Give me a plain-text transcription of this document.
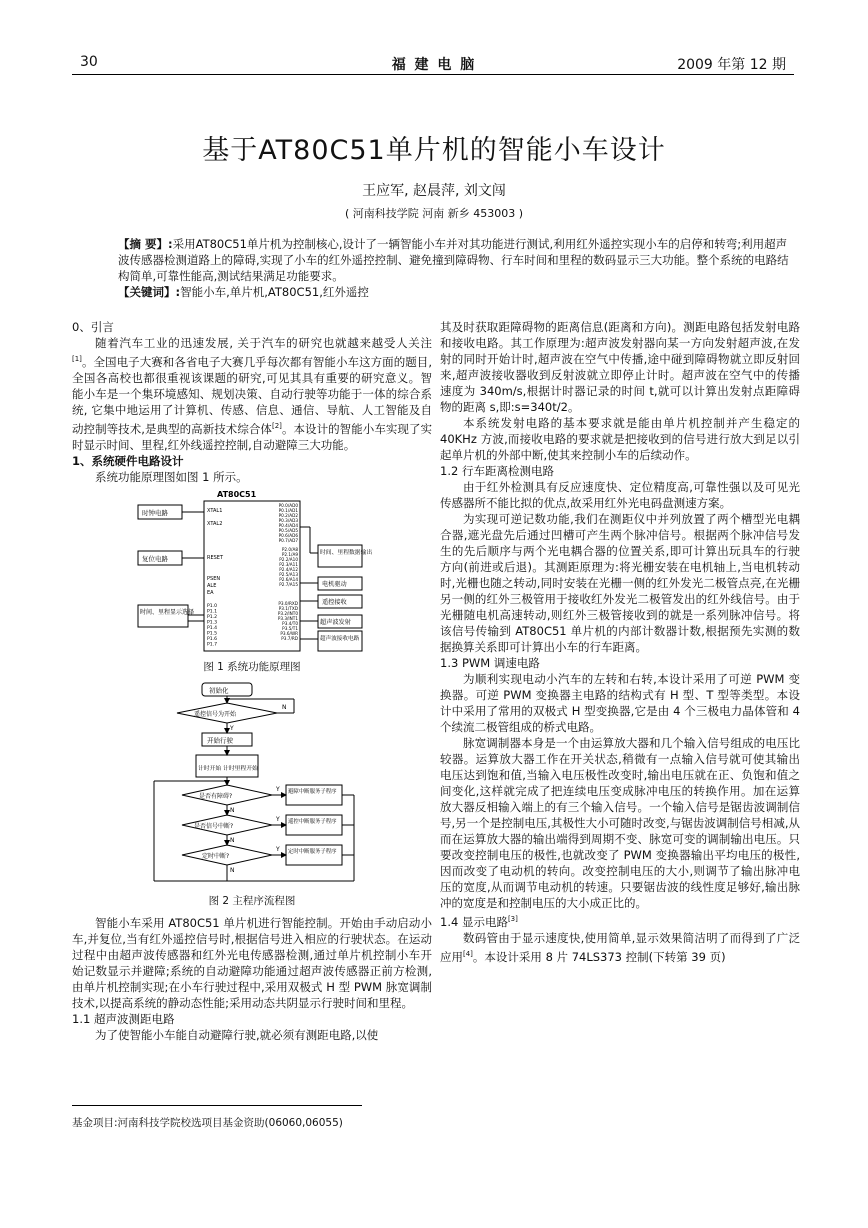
30	福 建 电 脑	2009 年第 12 期
基于AT80C51单片机的智能小车设计
王应军, 赵晨萍, 刘文闯
( 河南科技学院 河南 新乡 453003 )

【摘 要】:采用AT80C51单片机为控制核心,设计了一辆智能小车并对其功能进行测试,利用红外遥控实现小车的启停和转弯;利用超声波传感器检测道路上的障碍,实现了小车的红外遥控控制、避免撞到障碍物、行车时间和里程的数码显示三大功能。整个系统的电路结构简单,可靠性能高,测试结果满足功能要求。

【关键词】:智能小车,单片机,AT80C51,红外遥控

0、引言

随着汽车工业的迅速发展, 关于汽车的研究也就越来越受人关注[1]。全国电子大赛和各省电子大赛几乎每次都有智能小车这方面的题目,全国各高校也都很重视该课题的研究,可见其具有重要的研究意义。智能小车是一个集环境感知、规划决策、自动行驶等功能于一体的综合系统, 它集中地运用了计算机、传感、信息、通信、导航、人工智能及自动控制等技术,是典型的高新技术综合体[2]。本设计的智能小车实现了实时显示时间、里程,红外线遥控控制,自动避障三大功能。

1、系统硬件电路设计

系统功能原理图如图 1 所示。

AT80C51
时钟电路
复位电路
时间、里程显示选择
XTAL1
XTAL2
RESET
PSEN
ALE
EA
P1.0
P1.1
P1.2
P1.3
P1.4
P1.5
P1.6
P1.7
P0.0/AD0
P0.1/AD1
P0.2/AD2
P0.3/AD3
P0.4/AD4
P0.5/AD5
P0.6/AD6
P0.7/AD7
P2.0/A8
P2.1/A9
P2.2/A10
P2.3/A11
P2.4/A12
P2.5/A13
P2.6/A14
P2.7/A15
P3.0/RXD
P3.1/TXD
P3.2/INT0
P3.3/INT1
P3.4/T0
P3.5/T1
P3.6/WR
P3.7/RD
时间、里程数据输出
电机驱动
遥控接收
超声波发射
超声波接收电路

图 1 系统功能原理图

初始化
遥控信号为开始
N
Y
开始行驶
计时开始 计时里程开始
是否有障碍?
Y 避障中断服务子程序
N
是否信号中断?
Y 遥控中断服务子程序
N
定时中断?
Y 定时中断服务子程序
N

图 2 主程序流程图

智能小车采用 AT80C51 单片机进行智能控制。开始由手动启动小车,并复位,当有红外遥控信号时,根据信号进入相应的行驶状态。在运动过程中由超声波传感器和红外光电传感器检测,通过单片机控制小车开始记数显示并避障;系统的自动避障功能通过超声波传感器正前方检测,由单片机控制实现;在小车行驶过程中,采用双极式 H 型 PWM 脉宽调制技术,以提高系统的静动态性能;采用动态共阴显示行驶时间和里程。

1.1 超声波测距电路

为了使智能小车能自动避障行驶,就必须有测距电路,以使

其及时获取距障碍物的距离信息(距离和方向)。测距电路包括发射电路和接收电路。其工作原理为:超声波发射器向某一方向发射超声波,在发射的同时开始计时,超声波在空气中传播,途中碰到障碍物就立即反射回来,超声波接收器收到反射波就立即停止计时。超声波在空气中的传播速度为 340m/s,根据计时器记录的时间 t,就可以计算出发射点距障碍物的距离 s,即:s=340t/2。

本系统发射电路的基本要求就是能由单片机控制并产生稳定的 40KHz 方波,而接收电路的要求就是把接收到的信号进行放大到足以引起单片机的外部中断,使其来控制小车的后续动作。

1.2 行车距离检测电路

由于红外检测具有反应速度快、定位精度高,可靠性强以及可见光传感器所不能比拟的优点,故采用红外光电码盘测速方案。

为实现可逆记数功能,我们在测距仪中并列放置了两个槽型光电耦合器,遮光盘先后通过凹槽可产生两个脉冲信号。根据两个脉冲信号发生的先后顺序与两个光电耦合器的位置关系,即可计算出玩具车的行驶方向(前进或后退)。其测距原理为:将光栅安装在电机轴上,当电机转动时,光栅也随之转动,同时安装在光栅一侧的红外发光二极管点亮,在光栅另一侧的红外三极管用于接收红外发光二极管发出的红外线信号。由于光栅随电机高速转动,则红外三极管接收到的就是一系列脉冲信号。将该信号传输到 AT80C51 单片机的内部计数器计数,根据预先实测的数据换算关系即可计算出小车的行车距离。

1.3 PWM 调速电路

为顺利实现电动小汽车的左转和右转,本设计采用了可逆 PWM 变换器。可逆 PWM 变换器主电路的结构式有 H 型、T 型等类型。本设计中采用了常用的双极式 H 型变换器,它是由 4 个三极电力晶体管和 4 个续流二极管组成的桥式电路。

脉宽调制器本身是一个由运算放大器和几个输入信号组成的电压比较器。运算放大器工作在开关状态,稍微有一点输入信号就可使其输出电压达到饱和值,当输入电压极性改变时,输出电压就在正、负饱和值之间变化,这样就完成了把连续电压变成脉冲电压的转换作用。加在运算放大器反相输入端上的有三个输入信号。一个输入信号是锯齿波调制信号,另一个是控制电压,其极性大小可随时改变,与锯齿波调制信号相减,从而在运算放大器的输出端得到周期不变、脉宽可变的调制输出电压。只要改变控制电压的极性,也就改变了 PWM 变换器输出平均电压的极性,因而改变了电动机的转向。改变控制电压的大小,则调节了输出脉冲电压的宽度,从而调节电动机的转速。只要锯齿波的线性度足够好,输出脉冲的宽度是和控制电压的大小成正比的。

1.4 显示电路[3]

数码管由于显示速度快,使用简单,显示效果简洁明了而得到了广泛应用[4]。本设计采用 8 片 74LS373 控制(下转第 39 页)

基金项目:河南科技学院校选项目基金资助(06060,06055)
